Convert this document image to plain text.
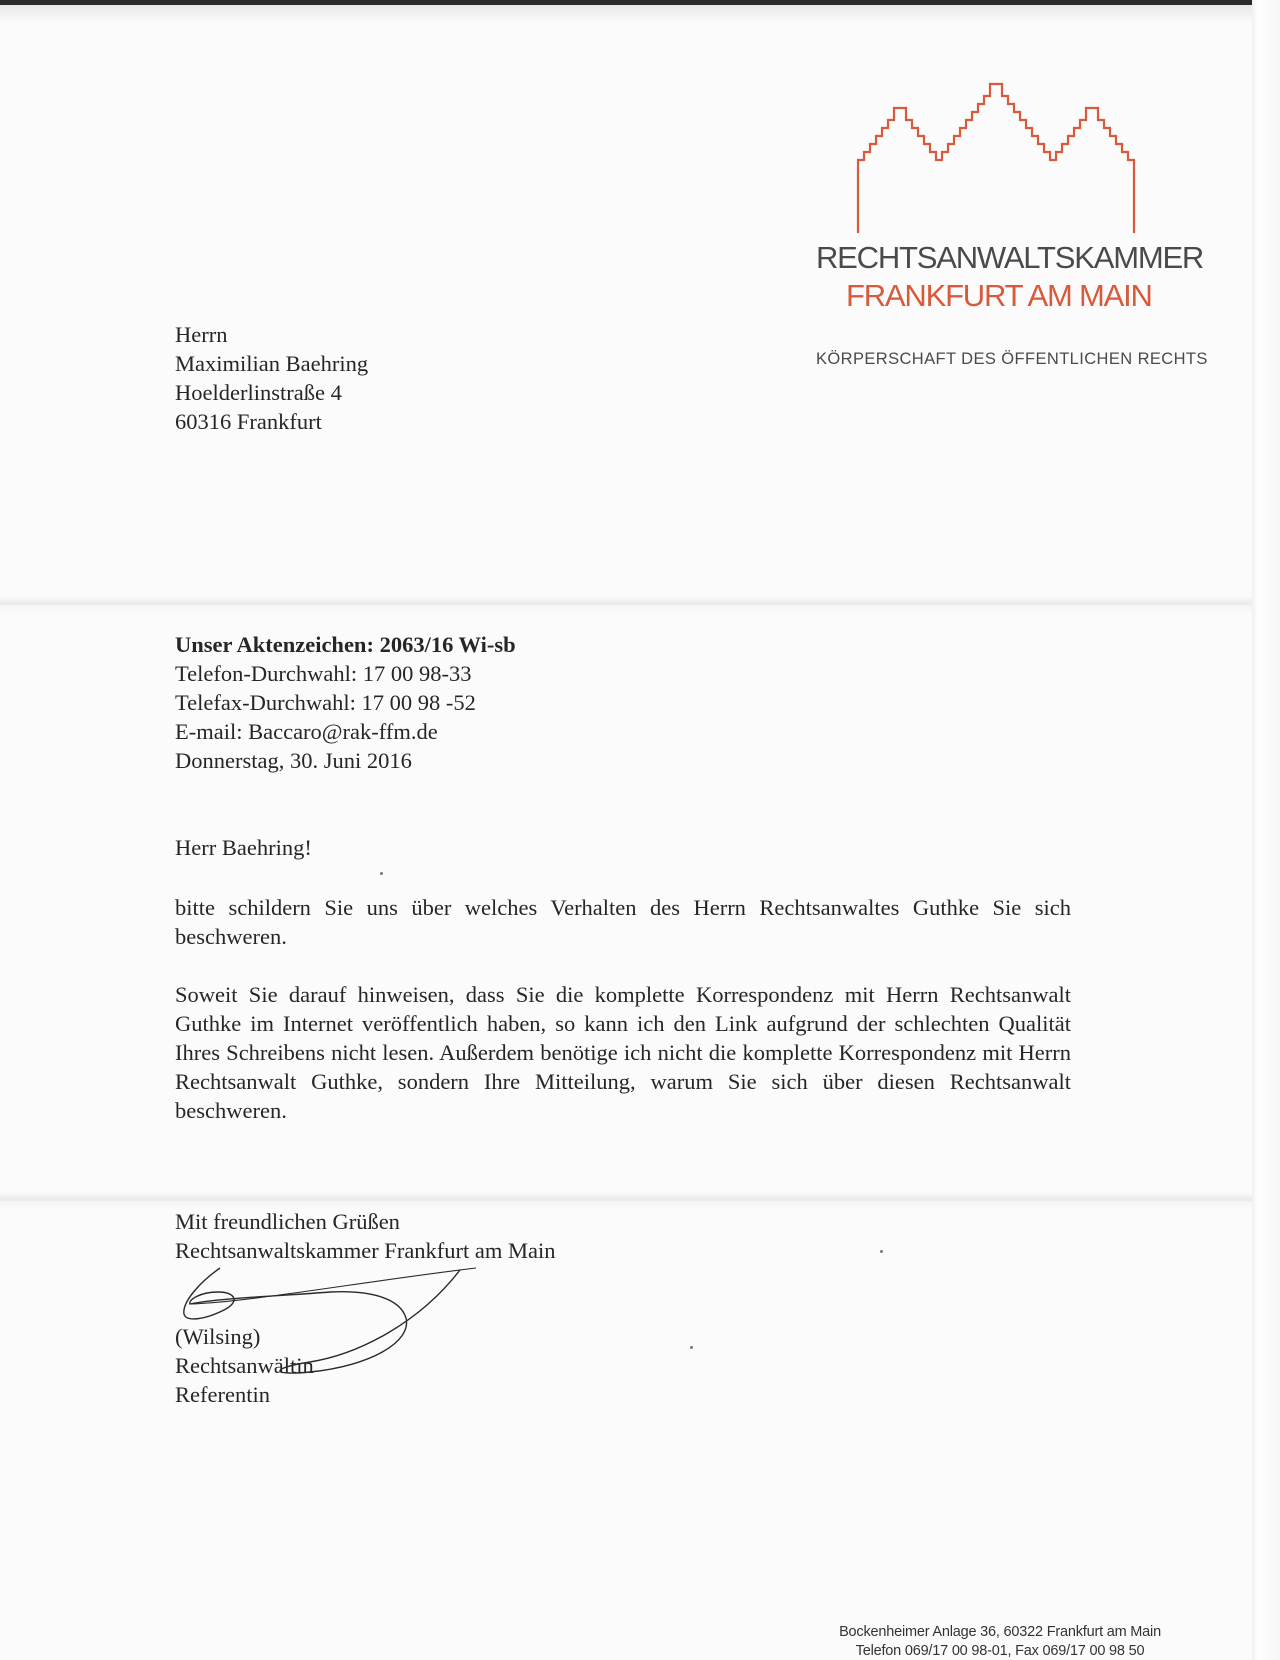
RECHTSANWALTSKAMMER
FRANKFURT AM MAIN
KÖRPERSCHAFT DES ÖFFENTLICHEN RECHTS
Herrn
Maximilian Baehring
Hoelderlinstraße 4
60316 Frankfurt
Unser Aktenzeichen: 2063/16 Wi-sb
Telefon-Durchwahl: 17 00 98-33
Telefax-Durchwahl: 17 00 98 -52
E-mail: Baccaro@rak-ffm.de
Donnerstag, 30. Juni 2016
Herr Baehring!
bitte schildern Sie uns über welches Verhalten des Herrn Rechtsanwaltes Guthke Sie sich beschweren.
Soweit Sie darauf hinweisen, dass Sie die komplette Korrespondenz mit Herrn Rechtsanwalt Guthke im Internet veröffentlich haben, so kann ich den Link aufgrund der schlechten Qualität Ihres Schreibens nicht lesen. Außerdem benötige ich nicht die komplette Korrespondenz mit Herrn Rechtsanwalt Guthke, sondern Ihre Mitteilung, warum Sie sich über diesen Rechtsanwalt beschweren.
Mit freundlichen Grüßen
Rechtsanwaltskammer Frankfurt am Main
(Wilsing)
Rechtsanwältin
Referentin
Bockenheimer Anlage 36, 60322 Frankfurt am Main
Telefon 069/17 00 98-01, Fax 069/17 00 98 50
